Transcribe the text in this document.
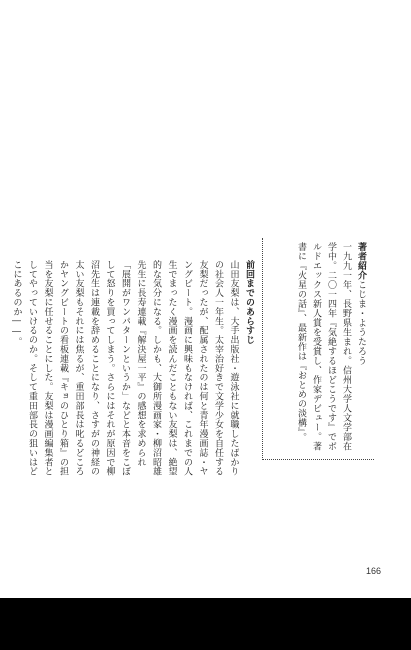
著者紹介こじま・ようたろう
一九九一年、長野県生まれ。信州大学人文学部在学中。二〇一四年『気絶するほどこうです』でボルドエックス新人賞を受賞し、作家デビュー。著書に『火星の話』、最新作は『おとめの淡構』。
前回までのあらすじ
山田友梨は、大手出版社・遊泳社に就職したばかりの社会人一年生。太宰治好きで文学少女を自任する友梨だったが、配属されたのは何と青年漫画誌・ヤングビート。漫画に興味もなければ、これまでの人生でまったく漫画を読んだこともない友梨は、絶望的な気分になる。しかも、大御所漫画家・柳沼昭雄先生に長寿連載『解決屋一平』の感想を求められ「展開がワンパターンというか」などと本音をこぼして怒りを買ってしまう。さらにはそれが原因で柳沼先生は連載を辞めることになり、さすがの神経の太い友梨もそれには焦るが、重田部長は叱るどころかヤングビートの看板連載『キョのひとり箱』の担当を友梨に任せることにした。友梨は漫画編集者としてやっていけるのか。そして重田部長の狙いはどこにあるのか――。
166
